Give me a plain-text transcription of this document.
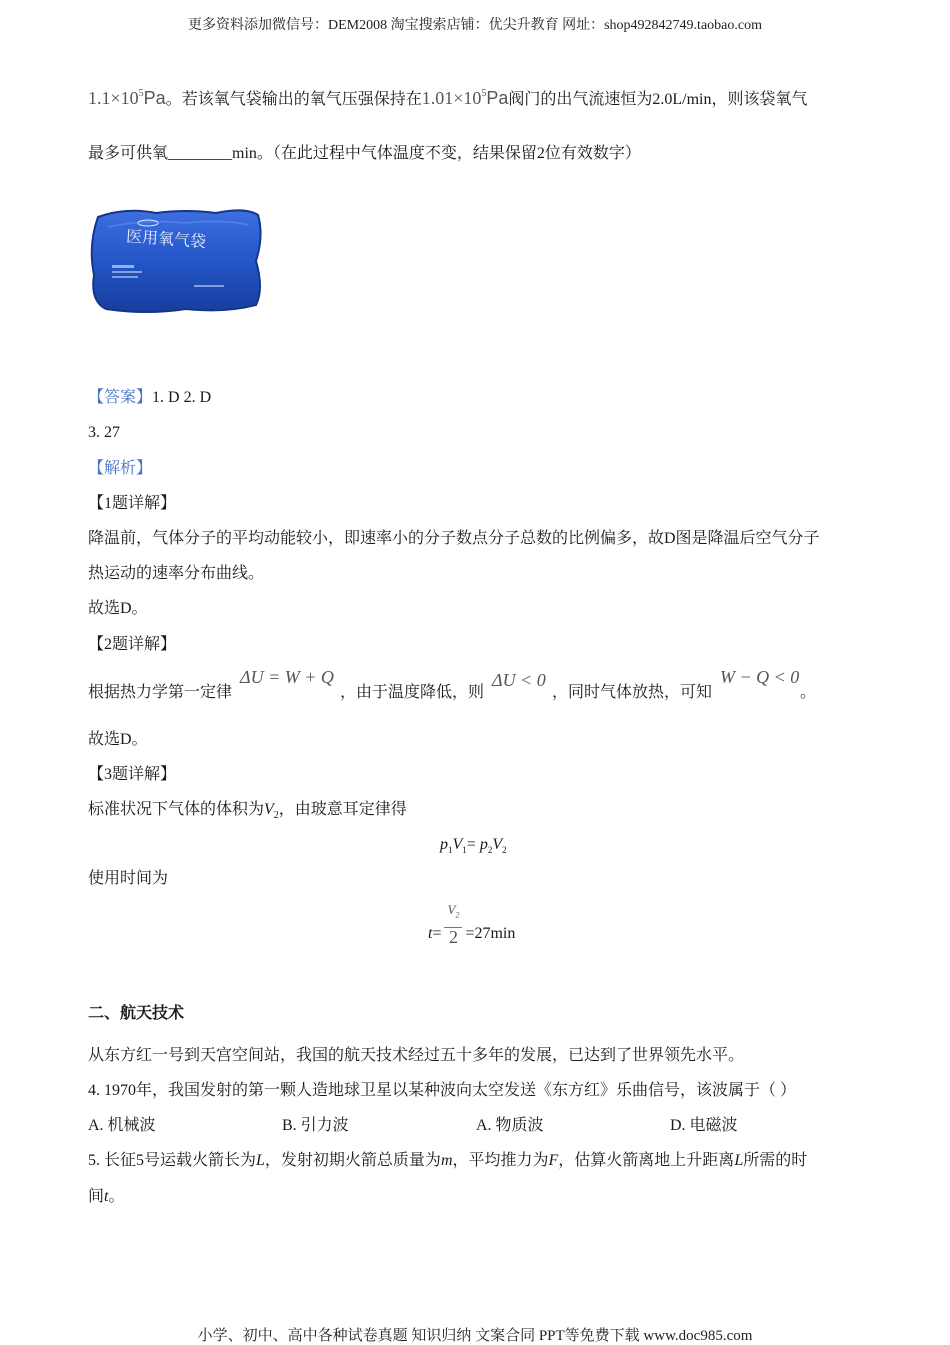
更多资料添加微信号：DEM2008 淘宝搜索店铺：优尖升教育 网址：shop492842749.taobao.com
$1.1\times 10^5Pa$。若该氧气袋输出的氧气压强保持在$1.01\times 10^5Pa$阀门的出气流速恒为2.0L/min，则该袋氧气
最多可供氧________min。（在此过程中气体温度不变，结果保留2位有效数字）
医用氧气袋
【答案】1. D 2. D
3. 27
【解析】
【1题详解】
降温前，气体分子的平均动能较小，即速率小的分子数点分子总数的比例偏多，故D图是降温后空气分子
热运动的速率分布曲线。
故选D。
【2题详解】
根据热力学第一定律
ΔU = W + Q
，由于温度降低，则
ΔU < 0
，同时气体放热，可知
W − Q < 0
。
故选D。
【3题详解】
标准状况下气体的体积为$V_2$，由玻意耳定律得
$p_1V_1= p_2V_2$
使用时间为
$t = \frac{V_2}{2} =27\min$
二、航天技术
从东方红一号到天宫空间站，我国的航天技术经过五十多年的发展，已达到了世界领先水平。
4. 1970年，我国发射的第一颗人造地球卫星以某种波向太空发送《东方红》乐曲信号，该波属于（ ）
A. 机械波	B. 引力波	A. 物质波	D. 电磁波
5. 长征5号运载火箭长为L，发射初期火箭总质量为m，平均推力为F，估算火箭离地上升距离L所需的时
间t。
小学、初中、高中各种试卷真题 知识归纳 文案合同 PPT等免费下载 www.doc985.com
